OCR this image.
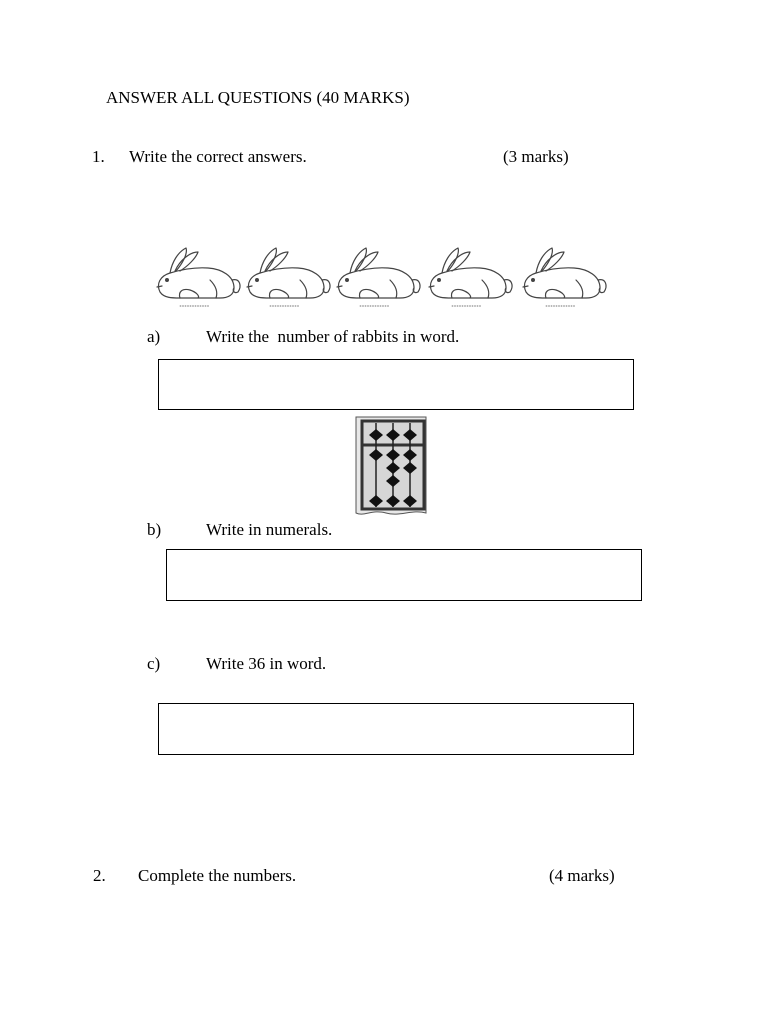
ANSWER ALL QUESTIONS (40 MARKS)
1. Write the correct answers.	(3 marks)
a)	Write the  number of rabbits in word.
b)	Write in numerals.
c)	Write 36 in word.
2. Complete the numbers.	(4 marks)
